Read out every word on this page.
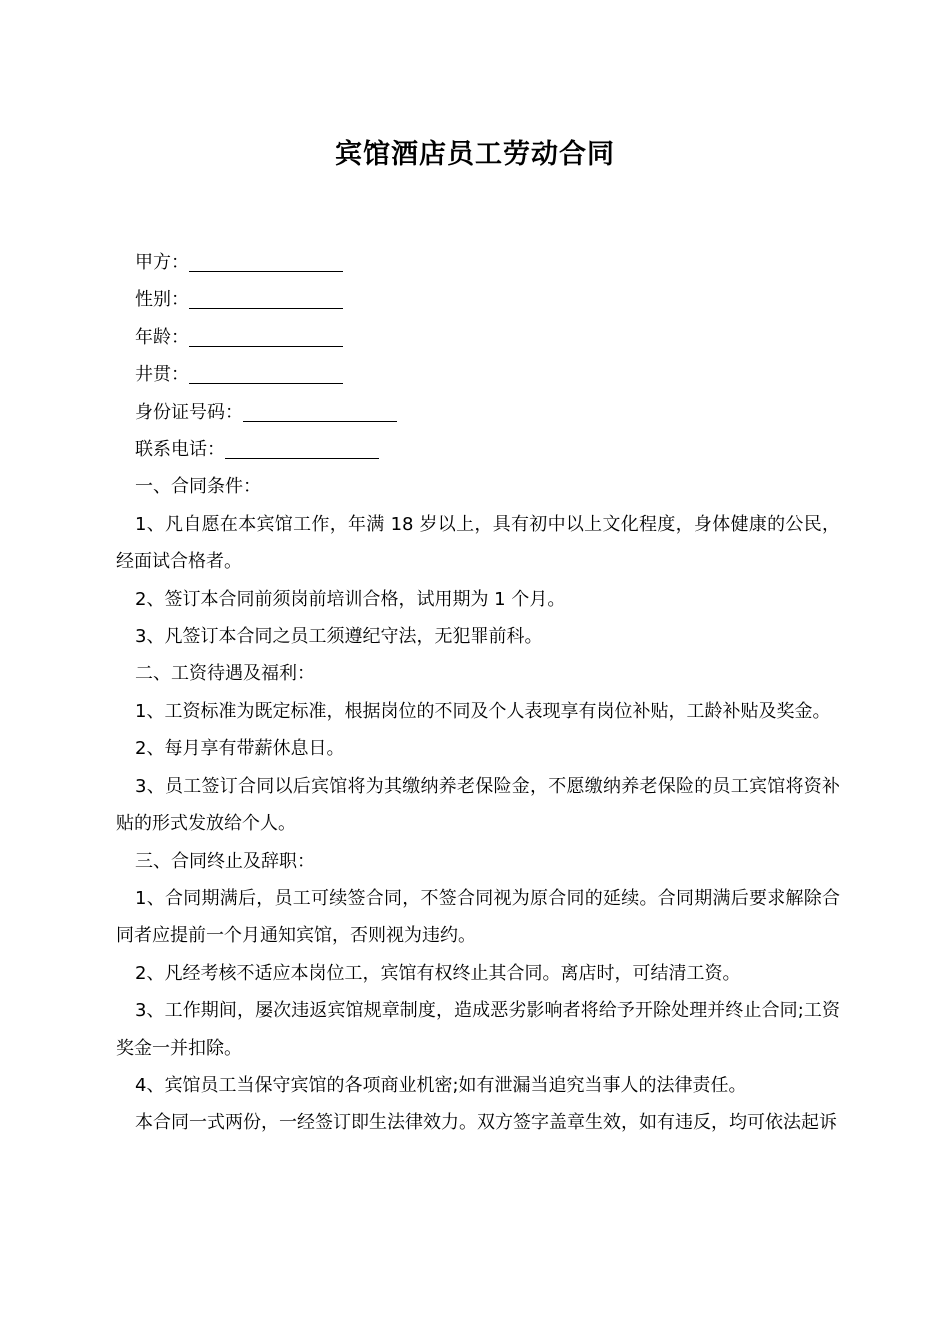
宾馆酒店员工劳动合同

甲方：

性别：

年龄：

井贯：

身份证号码：

联系电话：

一、合同条件：

1、凡自愿在本宾馆工作，年满 18 岁以上，具有初中以上文化程度，身体健康的公民，经面试合格者。

2、签订本合同前须岗前培训合格，试用期为 1 个月。

3、凡签订本合同之员工须遵纪守法，无犯罪前科。

二、工资待遇及福利：

1、工资标准为既定标准，根据岗位的不同及个人表现享有岗位补贴，工龄补贴及奖金。

2、每月享有带薪休息日。

3、员工签订合同以后宾馆将为其缴纳养老保险金，不愿缴纳养老保险的员工宾馆将资补贴的形式发放给个人。

三、合同终止及辞职：

1、合同期满后，员工可续签合同，不签合同视为原合同的延续。合同期满后要求解除合同者应提前一个月通知宾馆，否则视为违约。

2、凡经考核不适应本岗位工，宾馆有权终止其合同。离店时，可结清工资。

3、工作期间，屡次违返宾馆规章制度，造成恶劣影响者将给予开除处理并终止合同;工资奖金一并扣除。

4、宾馆员工当保守宾馆的各项商业机密;如有泄漏当追究当事人的法律责任。

本合同一式两份，一经签订即生法律效力。双方签字盖章生效，如有违反，均可依法起诉
